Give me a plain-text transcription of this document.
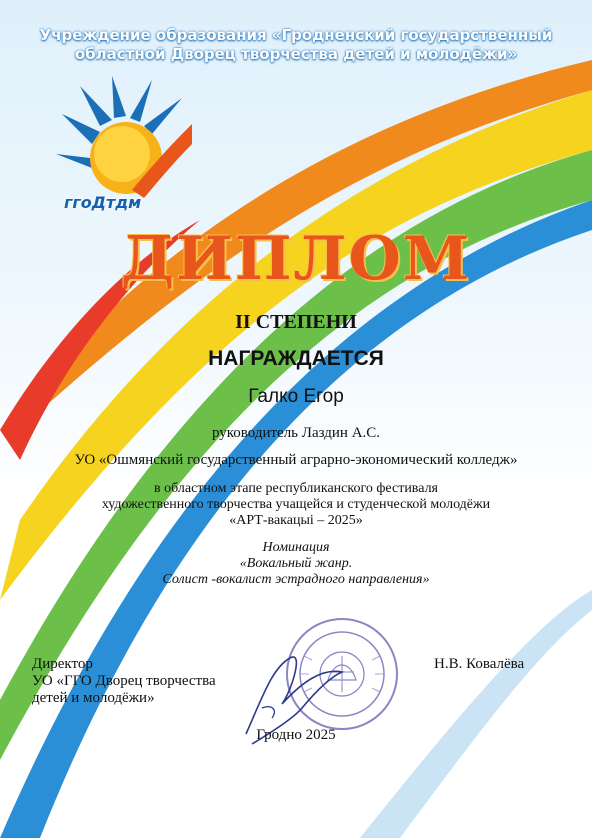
Учреждение образования «Гродненский государственный
областной Дворец творчества детей и молодёжи»
ггоДтдм
ДИПЛОМ
II СТЕПЕНИ
НАГРАЖДАЕТСЯ
Галко Егор
руководитель Лаздин А.С.
УО «Ошмянский государственный аграрно-экономический колледж»
в областном этапе республиканского фестиваля
художественного творчества учащейся и студенческой молодёжи
«АРТ-вакацыі – 2025»
Номинация
«Вокальный жанр.
Солист -вокалист эстрадного направления»
Директор
УО «ГГО Дворец творчества
детей и молодёжи»
Н.В. Ковалёва
Гродно 2025
